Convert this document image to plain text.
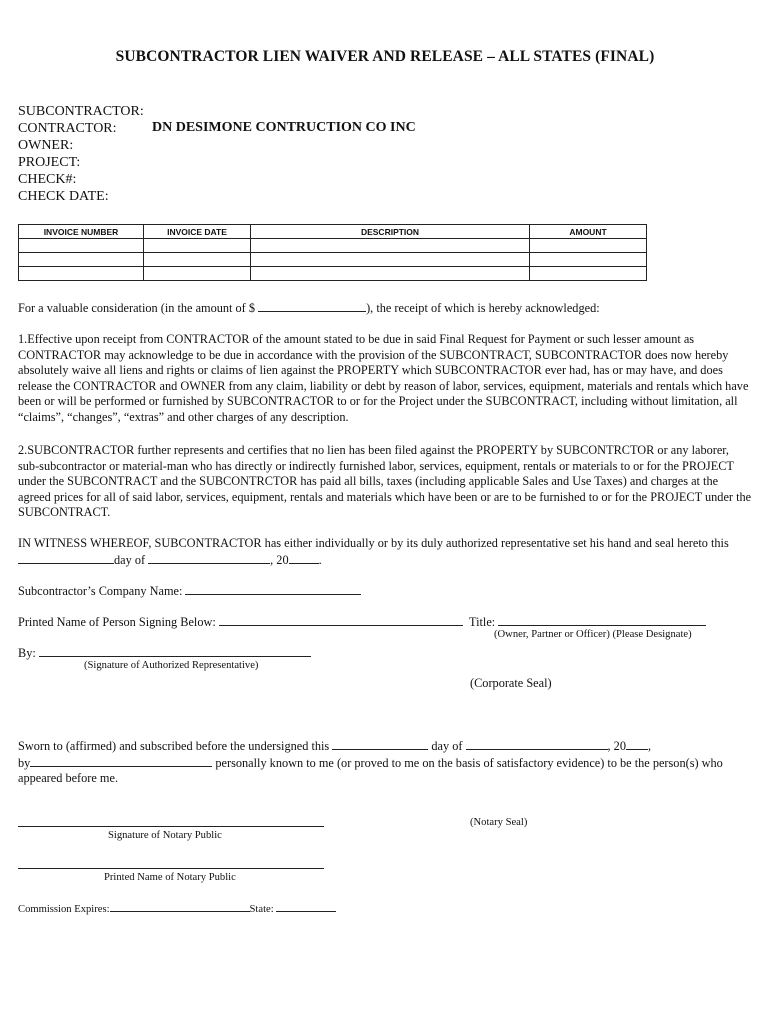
SUBCONTRACTOR LIEN WAIVER AND RELEASE – ALL STATES (FINAL)
SUBCONTRACTOR:
CONTRACTOR:	DN DESIMONE CONTRUCTION CO INC
OWNER:
PROJECT:
CHECK#:
CHECK DATE:
INVOICE NUMBER	INVOICE DATE	DESCRIPTION	AMOUNT

For a valuable consideration (in the amount of $	), the receipt of which is hereby acknowledged:
1.Effective upon receipt from CONTRACTOR of the amount stated to be due in said Final Request for Payment or such lesser amount as CONTRACTOR may acknowledge to be due in accordance with the provision of the SUBCONTRACT, SUBCONTRACTOR does now hereby absolutely waive all liens and rights or claims of lien against the PROPERTY which SUBCONTRACTOR ever had, has or may have, and does release the CONTRACTOR and OWNER from any claim, liability or debt by reason of labor, services, equipment, materials and rentals which have been or will be performed or furnished by SUBCONTRACTOR to or for the Project under the SUBCONTRACT, including without limitation, all “claims”, “changes”, “extras” and other charges of any description.
2.SUBCONTRACTOR further represents and certifies that no lien has been filed against the PROPERTY by SUBCONTRCTOR or any laborer, sub-subcontractor or material-man who has directly or indirectly furnished labor, services, equipment, rentals or materials to or for the PROJECT under the SUBCONTRACT and the SUBCONTRCTOR has paid all bills, taxes (including applicable Sales and Use Taxes) and charges at the agreed prices for all of said labor, services, equipment, rentals and materials which have been or are to be furnished to or for the PROJECT under the SUBCONTRACT.
IN WITNESS WHEREOF, SUBCONTRACTOR has either individually or by its duly authorized representative set his hand and seal hereto this
day of	, 20 .
Subcontractor’s Company Name:
Printed Name of Person Signing Below:	Title:
(Owner, Partner or Officer) (Please Designate)
By:
(Signature of Authorized Representative)
(Corporate Seal)
Sworn to (affirmed) and subscribed before the undersigned this	day of	, 20 ,
by	personally known to me (or proved to me on the basis of satisfactory evidence) to be the person(s) who
appeared before me.
(Notary Seal)
Signature of Notary Public
Printed Name of Notary Public
Commission Expires:	State:
